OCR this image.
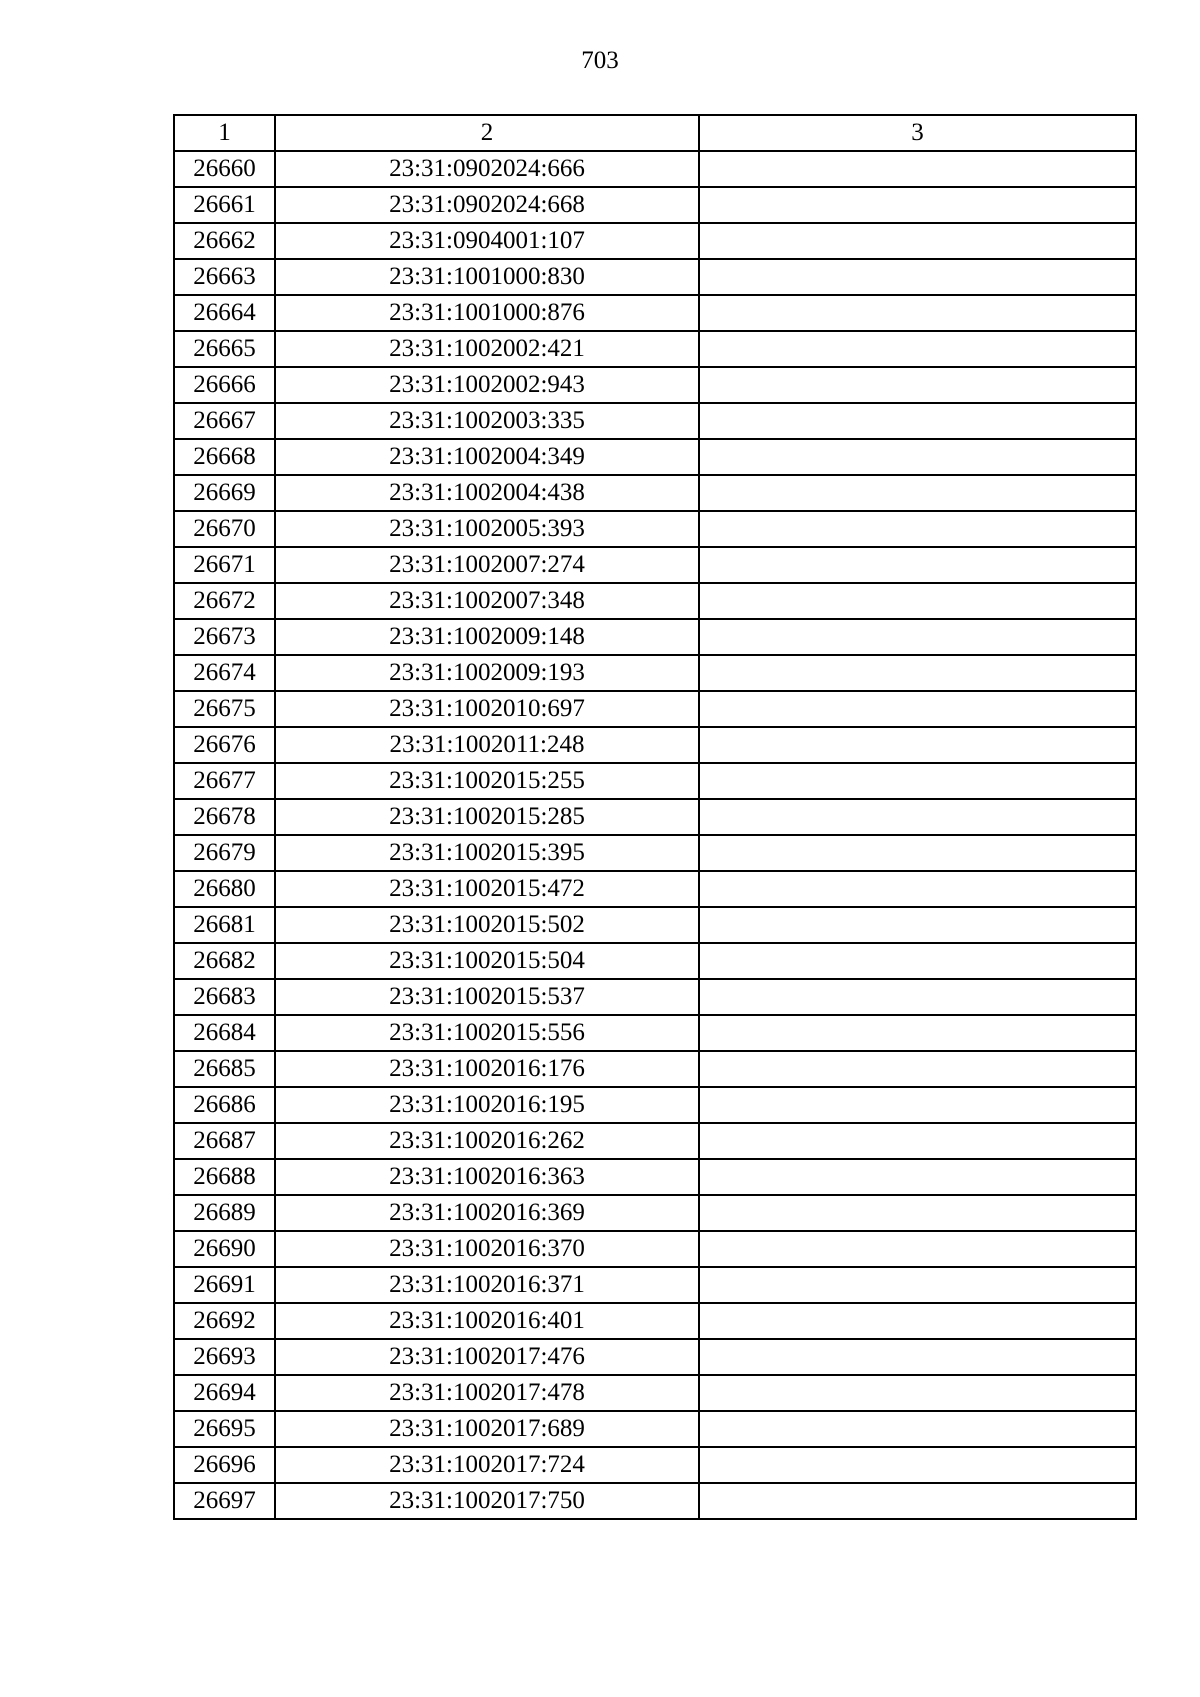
703
1	2	3
26660	23:31:0902024:666	
26661	23:31:0902024:668	
26662	23:31:0904001:107	
26663	23:31:1001000:830	
26664	23:31:1001000:876	
26665	23:31:1002002:421	
26666	23:31:1002002:943	
26667	23:31:1002003:335	
26668	23:31:1002004:349	
26669	23:31:1002004:438	
26670	23:31:1002005:393	
26671	23:31:1002007:274	
26672	23:31:1002007:348	
26673	23:31:1002009:148	
26674	23:31:1002009:193	
26675	23:31:1002010:697	
26676	23:31:1002011:248	
26677	23:31:1002015:255	
26678	23:31:1002015:285	
26679	23:31:1002015:395	
26680	23:31:1002015:472	
26681	23:31:1002015:502	
26682	23:31:1002015:504	
26683	23:31:1002015:537	
26684	23:31:1002015:556	
26685	23:31:1002016:176	
26686	23:31:1002016:195	
26687	23:31:1002016:262	
26688	23:31:1002016:363	
26689	23:31:1002016:369	
26690	23:31:1002016:370	
26691	23:31:1002016:371	
26692	23:31:1002016:401	
26693	23:31:1002017:476	
26694	23:31:1002017:478	
26695	23:31:1002017:689	
26696	23:31:1002017:724	
26697	23:31:1002017:750	
